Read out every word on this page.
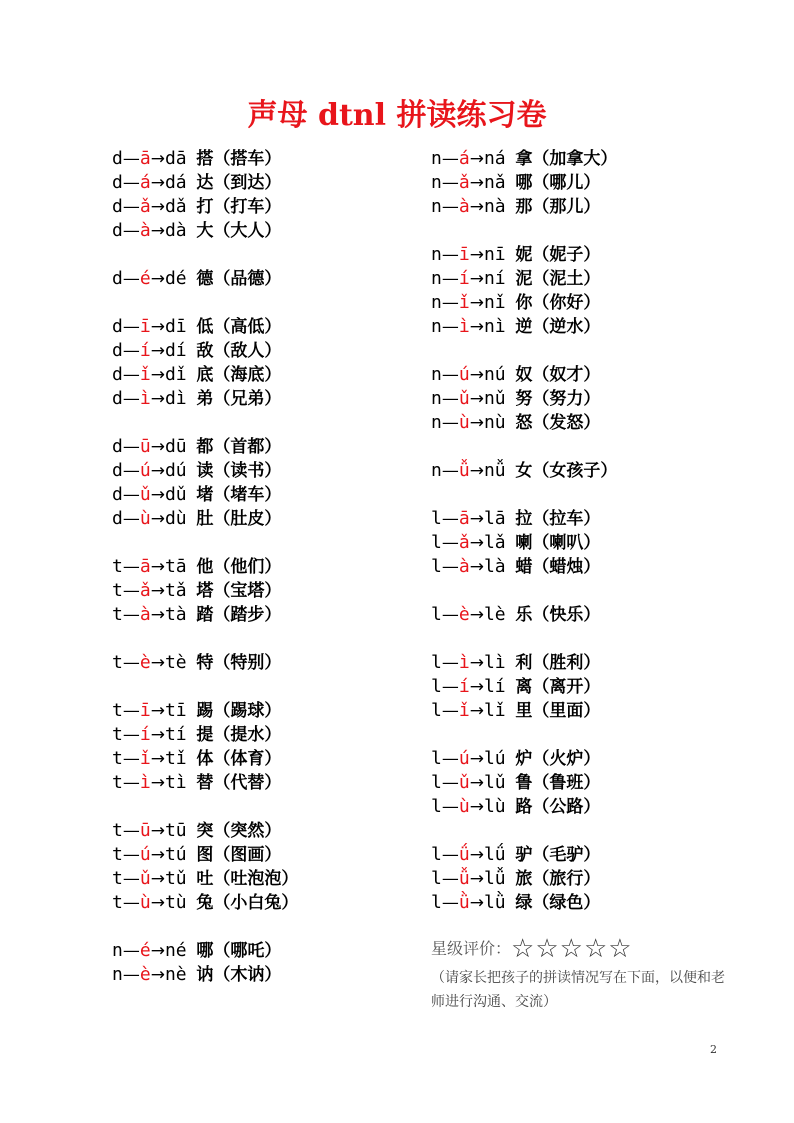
声母 dtnl 拼读练习卷
d—ā→dā 搭（搭车）
d—á→dá 达（到达）
d—ǎ→dǎ 打（打车）
d—à→dà 大（大人）
d—é→dé 德（品德）
d—ī→dī 低（高低）
d—í→dí 敌（敌人）
d—ǐ→dǐ 底（海底）
d—ì→dì 弟（兄弟）
d—ū→dū 都（首都）
d—ú→dú 读（读书）
d—ǔ→dǔ 堵（堵车）
d—ù→dù 肚（肚皮）
t—ā→tā 他（他们）
t—ǎ→tǎ 塔（宝塔）
t—à→tà 踏（踏步）
t—è→tè 特（特别）
t—ī→tī 踢（踢球）
t—í→tí 提（提水）
t—ǐ→tǐ 体（体育）
t—ì→tì 替（代替）
t—ū→tū 突（突然）
t—ú→tú 图（图画）
t—ǔ→tǔ 吐（吐泡泡）
t—ù→tù 兔（小白兔）
n—é→né 哪（哪吒）
n—è→nè 讷（木讷）
n—á→ná 拿（加拿大）
n—ǎ→nǎ 哪（哪儿）
n—à→nà 那（那儿）
n—ī→nī 妮（妮子）
n—í→ní 泥（泥土）
n—ǐ→nǐ 你（你好）
n—ì→nì 逆（逆水）
n—ú→nú 奴（奴才）
n—ǔ→nǔ 努（努力）
n—ù→nù 怒（发怒）
n—ǚ→nǚ 女（女孩子）
l—ā→lā 拉（拉车）
l—ǎ→lǎ 喇（喇叭）
l—à→là 蜡（蜡烛）
l—è→lè 乐（快乐）
l—ì→lì 利（胜利）
l—í→lí 离（离开）
l—ǐ→lǐ 里（里面）
l—ú→lú 炉（火炉）
l—ǔ→lǔ 鲁（鲁班）
l—ù→lù 路（公路）
l—ǘ→lǘ 驴（毛驴）
l—ǚ→lǚ 旅（旅行）
l—ǜ→lǜ 绿（绿色）
星级评价：☆☆☆☆☆
（请家长把孩子的拼读情况写在下面，以便和老师进行沟通、交流）
2
